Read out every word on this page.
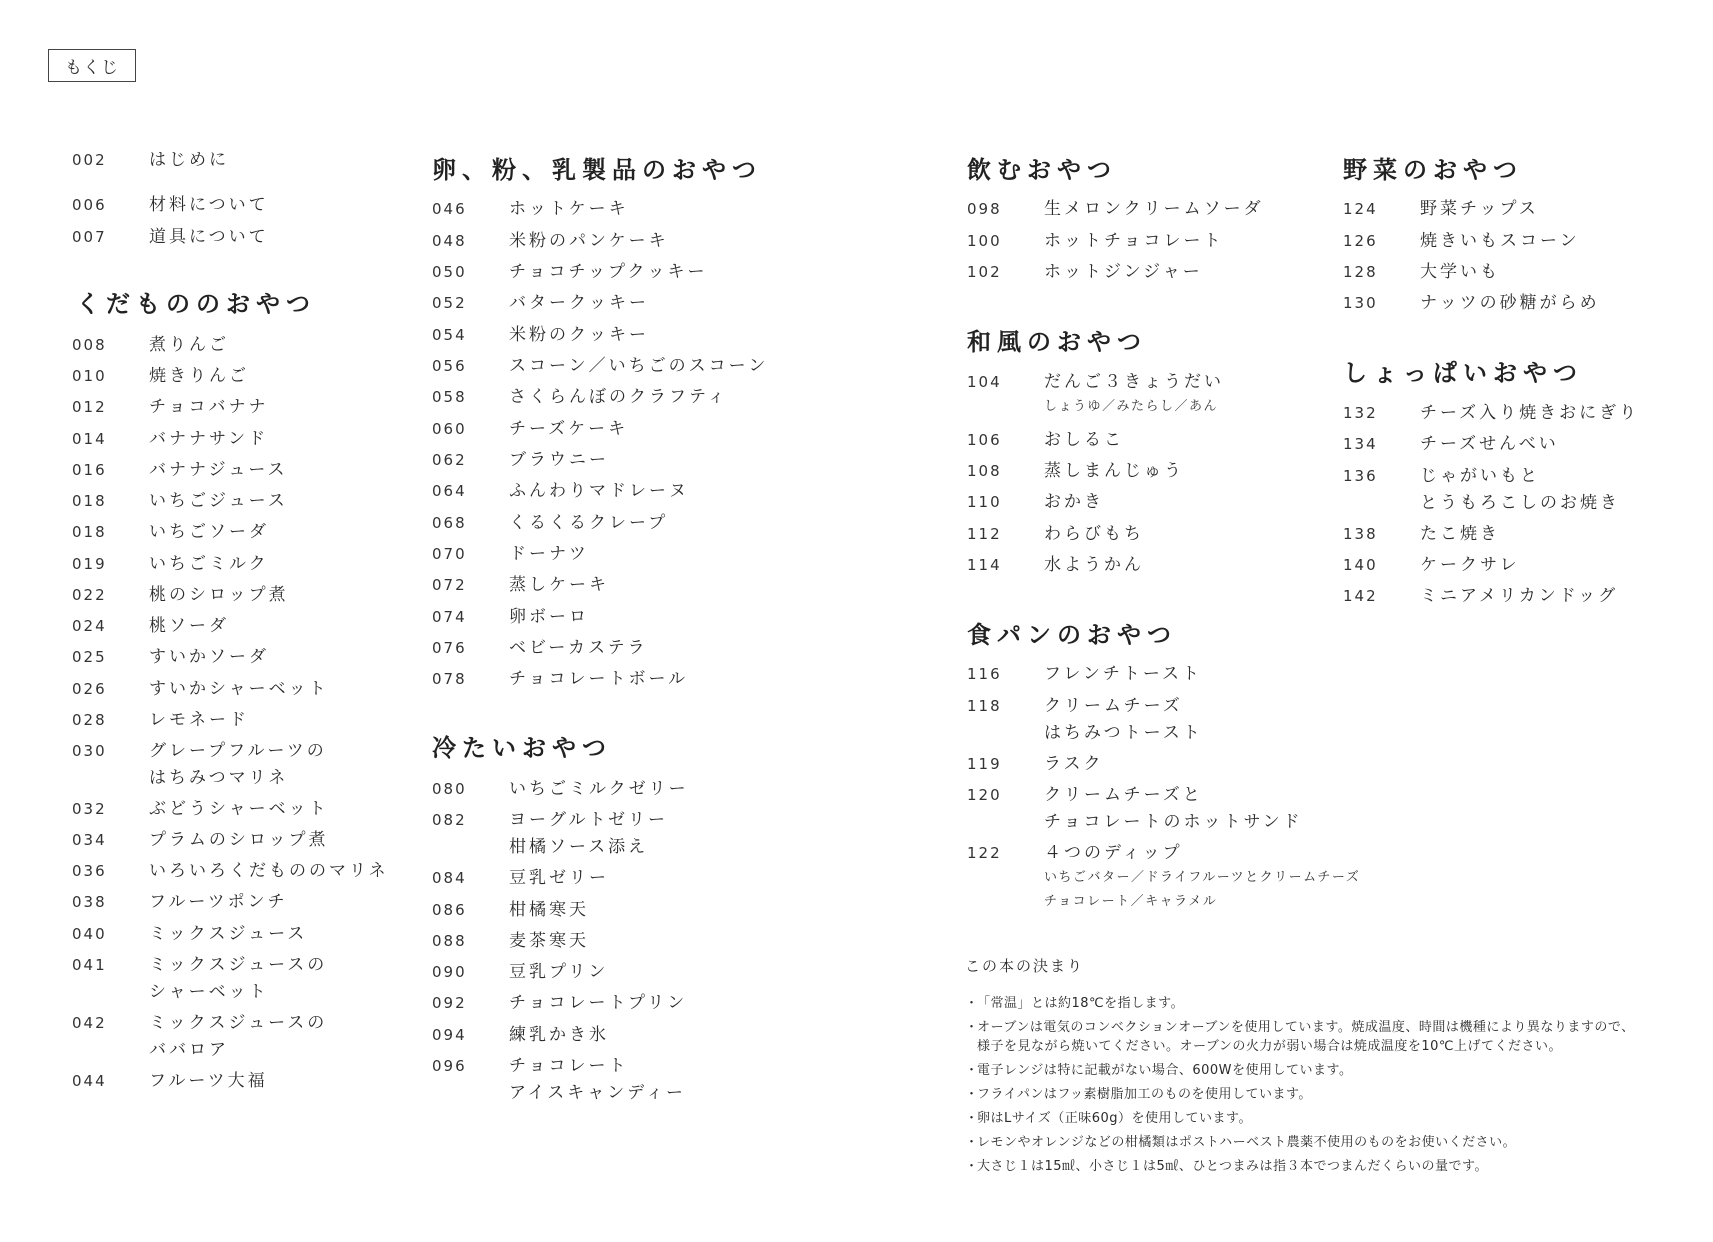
もくじ
002 はじめに
006 材料について
007 道具について
くだもののおやつ
008 煮りんご
010 焼きりんご
012 チョコバナナ
014 バナナサンド
016 バナナジュース
018 いちごジュース
018 いちごソーダ
019 いちごミルク
022 桃のシロップ煮
024 桃ソーダ
025 すいかソーダ
026 すいかシャーベット
028 レモネード
030 グレープフルーツの
はちみつマリネ
032 ぶどうシャーベット
034 プラムのシロップ煮
036 いろいろくだもののマリネ
038 フルーツポンチ
040 ミックスジュース
041 ミックスジュースの
シャーベット
042 ミックスジュースの
ババロア
044 フルーツ大福
卵、粉、乳製品のおやつ
046 ホットケーキ
048 米粉のパンケーキ
050 チョコチップクッキー
052 バタークッキー
054 米粉のクッキー
056 スコーン／いちごのスコーン
058 さくらんぼのクラフティ
060 チーズケーキ
062 ブラウニー
064 ふんわりマドレーヌ
068 くるくるクレープ
070 ドーナツ
072 蒸しケーキ
074 卵ボーロ
076 ベビーカステラ
078 チョコレートボール
冷たいおやつ
080 いちごミルクゼリー
082 ヨーグルトゼリー
柑橘ソース添え
084 豆乳ゼリー
086 柑橘寒天
088 麦茶寒天
090 豆乳プリン
092 チョコレートプリン
094 練乳かき氷
096 チョコレート
アイスキャンディー
飲むおやつ
098 生メロンクリームソーダ
100 ホットチョコレート
102 ホットジンジャー
和風のおやつ
104 だんご３きょうだい
しょうゆ／みたらし／あん
106 おしるこ
108 蒸しまんじゅう
110 おかき
112 わらびもち
114 水ようかん
食パンのおやつ
116 フレンチトースト
118 クリームチーズ
はちみつトースト
119 ラスク
120 クリームチーズと
チョコレートのホットサンド
122 ４つのディップ
いちごバター／ドライフルーツとクリームチーズ
チョコレート／キャラメル
野菜のおやつ
124 野菜チップス
126 焼きいもスコーン
128 大学いも
130 ナッツの砂糖がらめ
しょっぱいおやつ
132 チーズ入り焼きおにぎり
134 チーズせんべい
136 じゃがいもと
とうもろこしのお焼き
138 たこ焼き
140 ケークサレ
142 ミニアメリカンドッグ
この本の決まり
・「常温」とは約18℃を指します。
・オーブンは電気のコンベクションオーブンを使用しています。焼成温度、時間は機種により異なりますので、
様子を見ながら焼いてください。オーブンの火力が弱い場合は焼成温度を10℃上げてください。
・電子レンジは特に記載がない場合、600Wを使用しています。
・フライパンはフッ素樹脂加工のものを使用しています。
・卵はLサイズ（正味60g）を使用しています。
・レモンやオレンジなどの柑橘類はポストハーベスト農薬不使用のものをお使いください。
・大さじ１は15㎖、小さじ１は5㎖、ひとつまみは指３本でつまんだくらいの量です。
